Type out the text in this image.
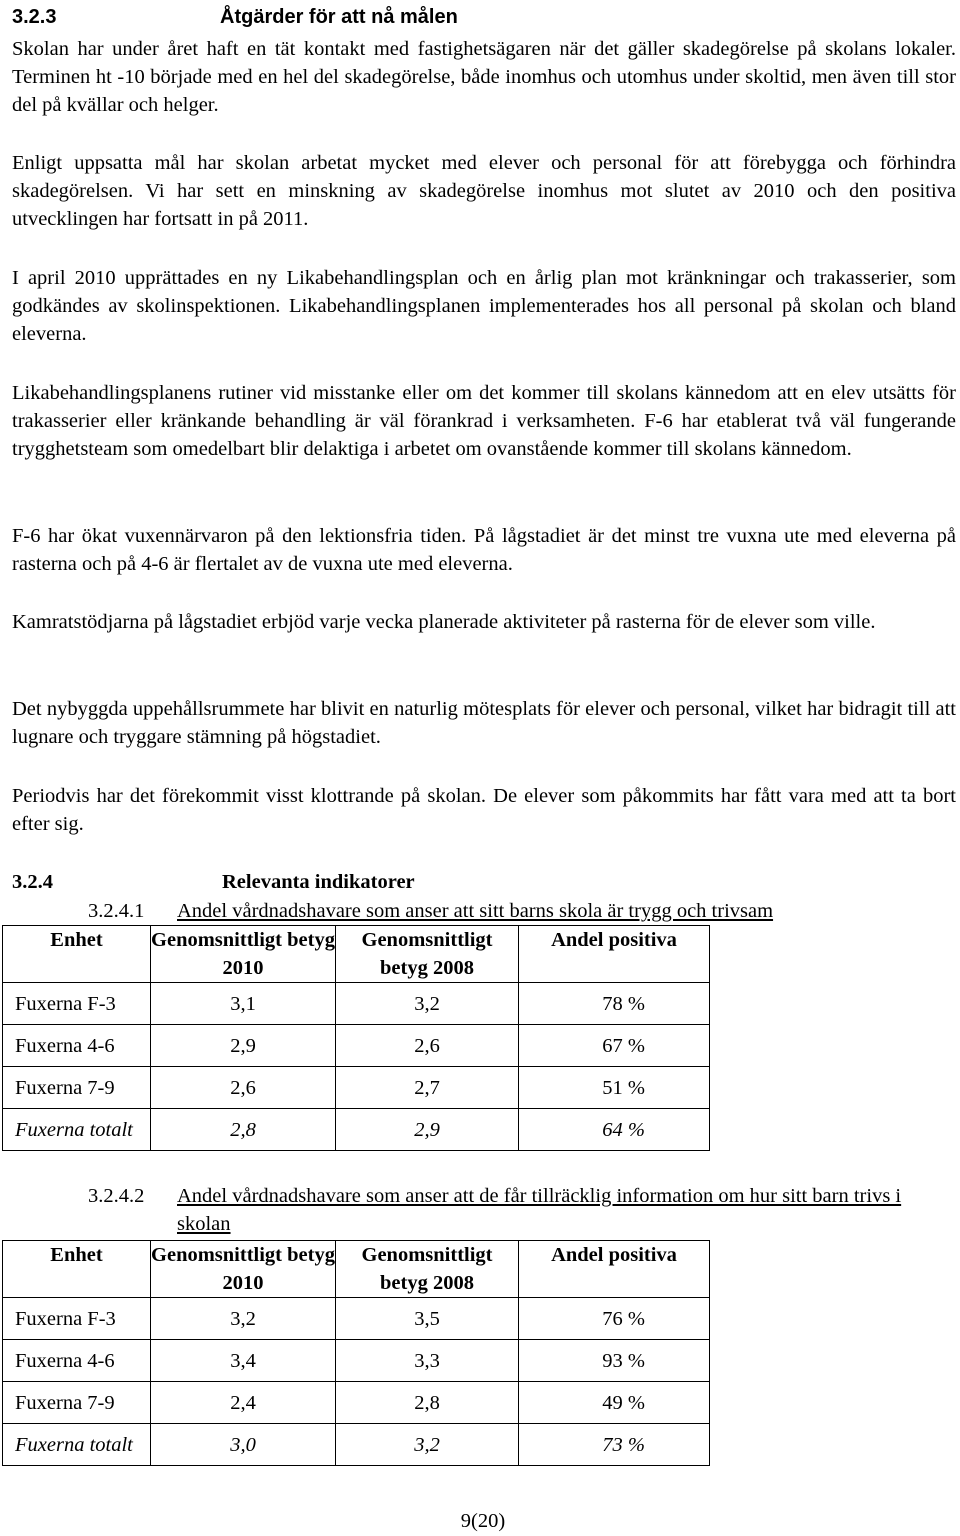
3.2.3	Åtgärder för att nå målen
Skolan har under året haft en tät kontakt med fastighetsägaren när det gäller skadegörelse på skolans lokaler. Terminen ht -10 började med en hel del skadegörelse, både inomhus och utomhus under skoltid, men även till stor del på kvällar och helger.
Enligt uppsatta mål har skolan arbetat mycket med elever och personal för att förebygga och förhindra skadegörelsen. Vi har sett en minskning av skadegörelse inomhus mot slutet av 2010 och den positiva utvecklingen har fortsatt in på 2011.
I april 2010 upprättades en ny Likabehandlingsplan och en årlig plan mot kränkningar och trakasserier, som godkändes av skolinspektionen. Likabehandlingsplanen implementerades hos all personal på skolan och bland eleverna.
Likabehandlingsplanens rutiner vid misstanke eller om det kommer till skolans kännedom att en elev utsätts för trakasserier eller kränkande behandling är väl förankrad i verksamheten. F-6 har etablerat två väl fungerande trygghetsteam som omedelbart blir delaktiga i arbetet om ovanstående kommer till skolans kännedom.
F-6 har ökat vuxennärvaron på den lektionsfria tiden. På lågstadiet är det minst tre vuxna ute med eleverna på rasterna och på 4-6 är flertalet av de vuxna ute med eleverna.
Kamratstödjarna på lågstadiet erbjöd varje vecka planerade aktiviteter på rasterna för de elever som ville.
Det nybyggda uppehållsrummete har blivit en naturlig mötesplats för elever och personal, vilket har bidragit till att lugnare och tryggare stämning på högstadiet.
Periodvis har det förekommit visst klottrande på skolan. De elever som påkommits har fått vara med att ta bort efter sig.
3.2.4	Relevanta indikatorer
3.2.4.1 Andel vårdnadshavare som anser att sitt barns skola är trygg och trivsam
Enhet	Genomsnittligt betyg 2010	Genomsnittligt betyg 2008	Andel positiva
Fuxerna F-3	3,1	3,2	78 %
Fuxerna 4-6	2,9	2,6	67 %
Fuxerna 7-9	2,6	2,7	51 %
Fuxerna totalt	2,8	2,9	64 %
3.2.4.2 Andel vårdnadshavare som anser att de får tillräcklig information om hur sitt barn trivs i skolan
Enhet	Genomsnittligt betyg 2010	Genomsnittligt betyg 2008	Andel positiva
Fuxerna F-3	3,2	3,5	76 %
Fuxerna 4-6	3,4	3,3	93 %
Fuxerna 7-9	2,4	2,8	49 %
Fuxerna totalt	3,0	3,2	73 %
9(20)
